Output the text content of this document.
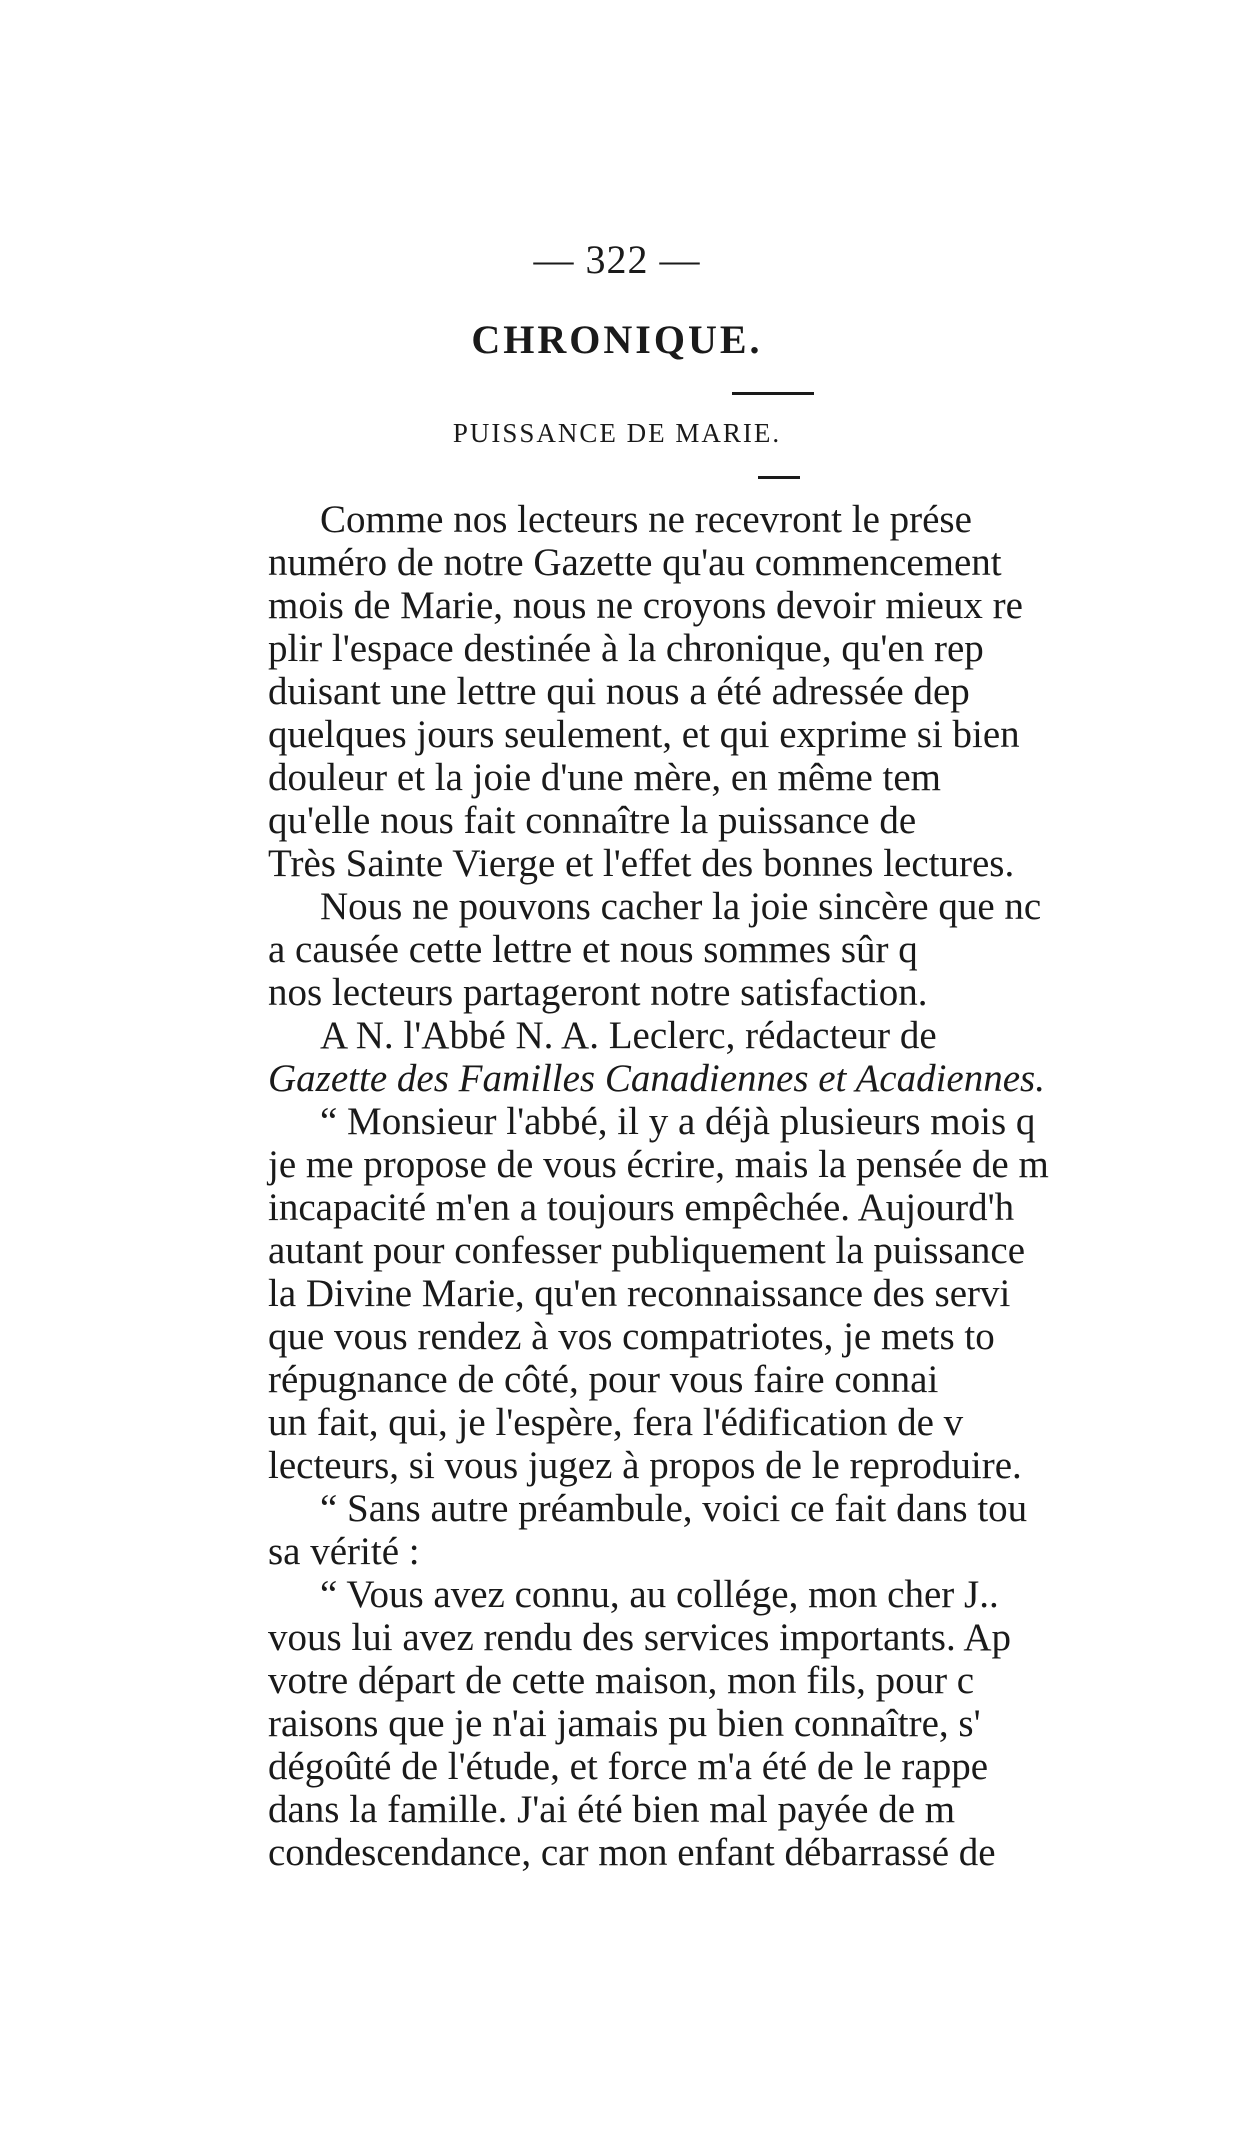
— 322 —
CHRONIQUE.
PUISSANCE DE MARIE.
Comme nos lecteurs ne recevront le prése
numéro de notre Gazette qu'au commencement
mois de Marie, nous ne croyons devoir mieux re
plir l'espace destinée à la chronique, qu'en rep
duisant une lettre qui nous a été adressée dep
quelques jours seulement, et qui exprime si bien
douleur et la joie d'une mère, en même tem
qu'elle nous fait connaître la puissance de
Très Sainte Vierge et l'effet des bonnes lectures.
Nous ne pouvons cacher la joie sincère que nc
a causée cette lettre et nous sommes sûr q
nos lecteurs partageront notre satisfaction.
A N. l'Abbé N. A. Leclerc, rédacteur de
Gazette des Familles Canadiennes et Acadiennes.
“ Monsieur l'abbé, il y a déjà plusieurs mois q
je me propose de vous écrire, mais la pensée de m
incapacité m'en a toujours empêchée. Aujourd'h
autant pour confesser publiquement la puissance
la Divine Marie, qu'en reconnaissance des servi
que vous rendez à vos compatriotes, je mets to
répugnance de côté, pour vous faire connai
un fait, qui, je l'espère, fera l'édification de v
lecteurs, si vous jugez à propos de le reproduire.
“ Sans autre préambule, voici ce fait dans tou
sa vérité :
“ Vous avez connu, au collége, mon cher J..
vous lui avez rendu des services importants. Ap
votre départ de cette maison, mon fils, pour c
raisons que je n'ai jamais pu bien connaître, s'
dégoûté de l'étude, et force m'a été de le rappe
dans la famille. J'ai été bien mal payée de m
condescendance, car mon enfant débarrassé de
